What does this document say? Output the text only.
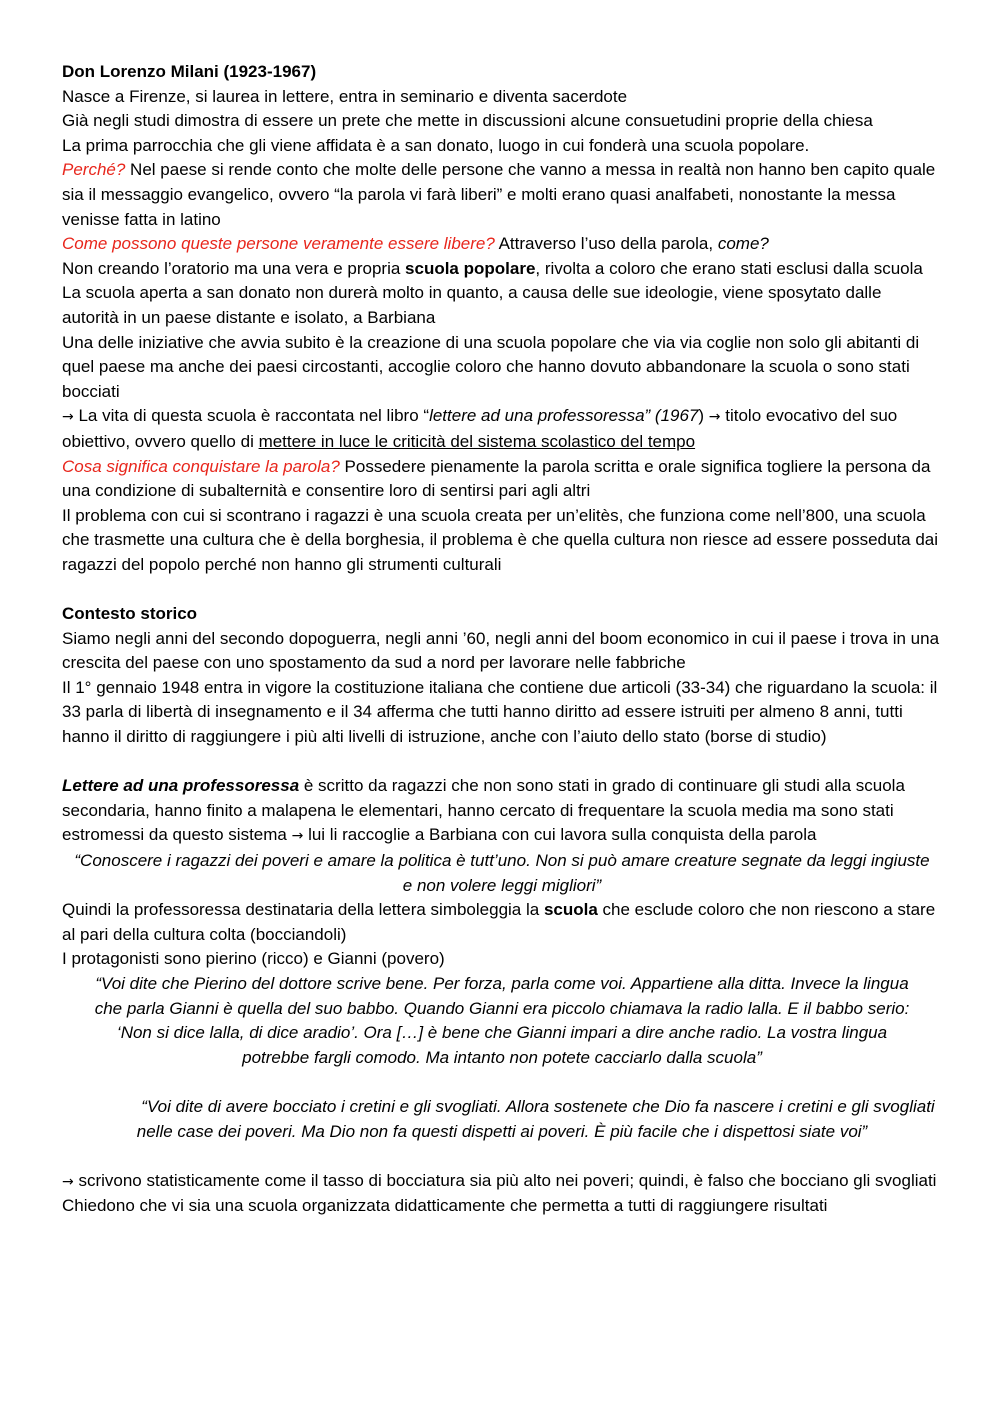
Don Lorenzo Milani (1923-1967)

Nasce a Firenze, si laurea in lettere, entra in seminario e diventa sacerdote

Già negli studi dimostra di essere un prete che mette in discussioni alcune consuetudini proprie della chiesa

La prima parrocchia che gli viene affidata è a san donato, luogo in cui fonderà una scuola popolare.

Perché? Nel paese si rende conto che molte delle persone che vanno a messa in realtà non hanno ben capito quale sia il messaggio evangelico, ovvero “la parola vi farà liberi” e molti erano quasi analfabeti, nonostante la messa venisse fatta in latino

Come possono queste persone veramente essere libere? Attraverso l’uso della parola, come?

Non creando l’oratorio ma una vera e propria scuola popolare, rivolta a coloro che erano stati esclusi dalla scuola

La scuola aperta a san donato non durerà molto in quanto, a causa delle sue ideologie, viene sposytato dalle autorità in un paese distante e isolato, a Barbiana

Una delle iniziative che avvia subito è la creazione di una scuola popolare che via via coglie non solo gli abitanti di quel paese ma anche dei paesi circostanti, accoglie coloro che hanno dovuto abbandonare la scuola o sono stati bocciati

→ La vita di questa scuola è raccontata nel libro “lettere ad una professoressa” (1967) → titolo evocativo del suo obiettivo, ovvero quello di mettere in luce le criticità del sistema scolastico del tempo

Cosa significa conquistare la parola? Possedere pienamente la parola scritta e orale significa togliere la persona da una condizione di subalternità e consentire loro di sentirsi pari agli altri

Il problema con cui si scontrano i ragazzi è una scuola creata per un’elitès, che funziona come nell’800, una scuola che trasmette una cultura che è della borghesia, il problema è che quella cultura non riesce ad essere posseduta dai ragazzi del popolo perché non hanno gli strumenti culturali

Contesto storico

Siamo negli anni del secondo dopoguerra, negli anni ’60, negli anni del boom economico in cui il paese i trova in una crescita del paese con uno spostamento da sud a nord per lavorare nelle fabbriche

Il 1° gennaio 1948 entra in vigore la costituzione italiana che contiene due articoli (33-34) che riguardano la scuola: il 33 parla di libertà di insegnamento e il 34 afferma che tutti hanno diritto ad essere istruiti per almeno 8 anni, tutti hanno il diritto di raggiungere i più alti livelli di istruzione, anche con l’aiuto dello stato (borse di studio)

Lettere ad una professoressa è scritto da ragazzi che non sono stati in grado di continuare gli studi alla scuola secondaria, hanno finito a malapena le elementari, hanno cercato di frequentare la scuola media ma sono stati estromessi da questo sistema → lui li raccoglie a Barbiana con cui lavora sulla conquista della parola

“Conoscere i ragazzi dei poveri e amare la politica è tutt’uno. Non si può amare creature segnate da leggi ingiuste e non volere leggi migliori”

Quindi la professoressa destinataria della lettera simboleggia la scuola che esclude coloro che non riescono a stare al pari della cultura colta (bocciandoli)

I protagonisti sono pierino (ricco) e Gianni (povero)

“Voi dite che Pierino del dottore scrive bene. Per forza, parla come voi. Appartiene alla ditta. Invece la lingua che parla Gianni è quella del suo babbo. Quando Gianni era piccolo chiamava la radio lalla. E il babbo serio: ‘Non si dice lalla, di dice aradio’. Ora […] è bene che Gianni impari a dire anche radio. La vostra lingua potrebbe fargli comodo. Ma intanto non potete cacciarlo dalla scuola”

“Voi dite di avere bocciato i cretini e gli svogliati. Allora sostenete che Dio fa nascere i cretini e gli svogliati nelle case dei poveri. Ma Dio non fa questi dispetti ai poveri. È più facile che i dispettosi siate voi”

→ scrivono statisticamente come il tasso di bocciatura sia più alto nei poveri; quindi, è falso che bocciano gli svogliati

Chiedono che vi sia una scuola organizzata didatticamente che permetta a tutti di raggiungere risultati
